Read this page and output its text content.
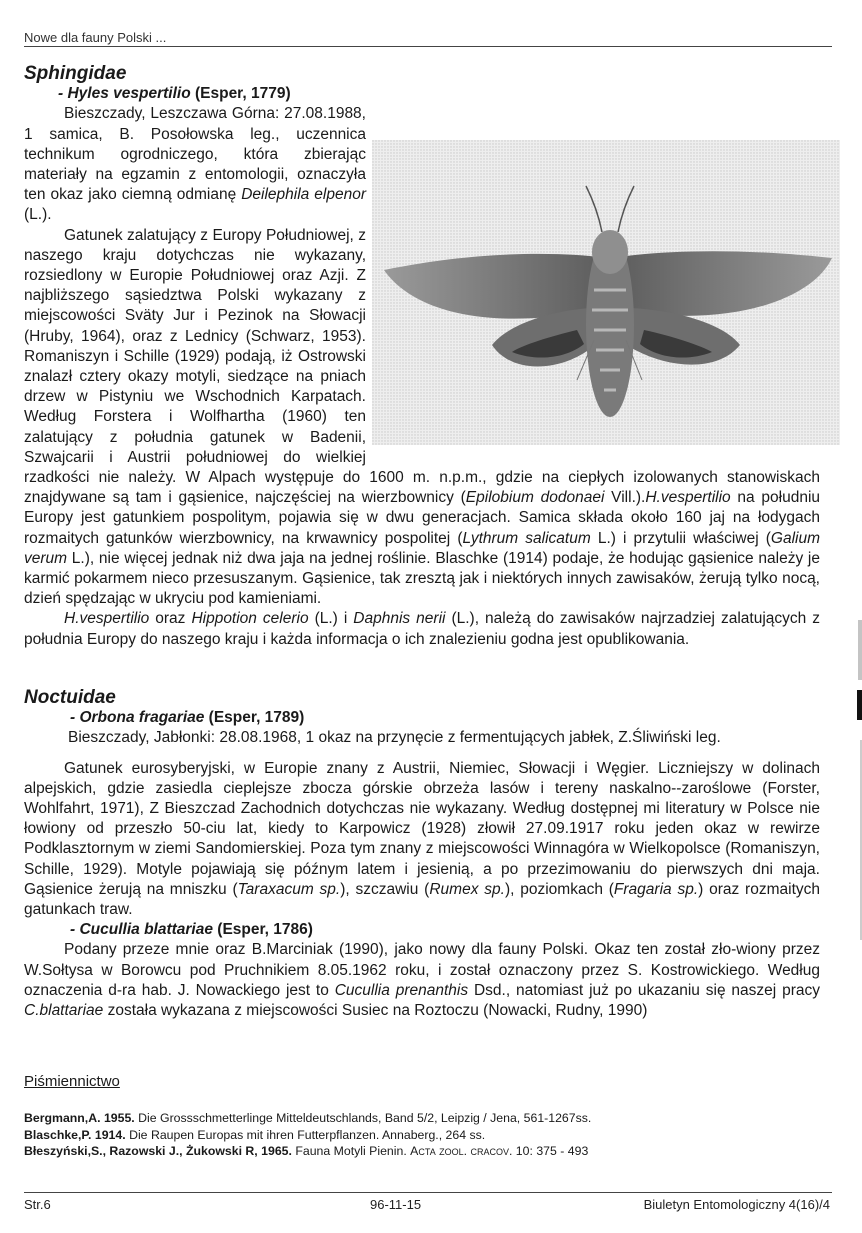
Nowe dla fauny Polski ...

Sphingidae

- Hyles vespertilio (Esper, 1779)

Bieszczady, Leszczawa Górna: 27.08.1988, 1 samica, B. Posołowska leg., uczennica technikum ogrodniczego, która zbierając materiały na egzamin z entomologii, oznaczyła ten okaz jako ciemną odmianę Deilephila elpenor (L.).

Gatunek zalatujący z Europy Południowej, z naszego kraju dotychczas nie wykazany, rozsiedlony w Europie Południowej oraz Azji. Z najbliższego sąsiedztwa Polski wykazany z miejscowości Sväty Jur i Pezinok na Słowacji (Hruby, 1964), oraz z Lednicy (Schwarz, 1953). Romaniszyn i Schille (1929) podają, iż Ostrowski znalazł cztery okazy motyli, siedzące na pniach drzew w Pistyniu we Wschodnich Karpatach. Według Forstera i Wolfhartha (1960) ten zalatujący z południa gatunek w Badenii, Szwajcarii i Austrii południowej do wielkiej rzadkości nie należy. W Alpach występuje do 1600 m. n.p.m., gdzie na ciepłych izolowanych stanowiskach znajdywane są tam i gąsienice, najczęściej na wierzbownicy (Epilobium dodonaei Vill.).H.vespertilio na południu Europy jest gatunkiem pospolitym, pojawia się w dwu generacjach. Samica składa około 160 jaj na łodygach rozmaitych gatunków wierzbownicy, na krwawnicy pospolitej (Lythrum salicatum L.) i przytulii właściwej (Galium verum L.), nie więcej jednak niż dwa jaja na jednej roślinie. Blaschke (1914) podaje, że hodując gąsienice należy je karmić pokarmem nieco przesuszanym. Gąsienice, tak zresztą jak i niektórych innych zawisaków, żerują tylko nocą, dzień spędzając w ukryciu pod kamieniami.

H.vespertilio oraz Hippotion celerio (L.) i Daphnis nerii (L.), należą do zawisaków najrzadziej zalatujących z południa Europy do naszego kraju i każda informacja o ich znalezieniu godna jest opublikowania.

Noctuidae

- Orbona fragariae (Esper, 1789)

Bieszczady, Jabłonki: 28.08.1968, 1 okaz na przynęcie z fermentujących jabłek, Z.Śliwiński leg.

Gatunek eurosyberyjski, w Europie znany z Austrii, Niemiec, Słowacji i Węgier. Liczniejszy w dolinach alpejskich, gdzie zasiedla cieplejsze zbocza górskie obrzeża lasów i tereny naskalno--zaroślowe (Forster, Wohlfahrt, 1971), Z Bieszczad Zachodnich dotychczas nie wykazany. Według dostępnej mi literatury w Polsce nie łowiony od przeszło 50-ciu lat, kiedy to Karpowicz (1928) złowił 27.09.1917 roku jeden okaz w rewirze Podklasztornym w ziemi Sandomierskiej. Poza tym znany z miejscowości Winnagóra w Wielkopolsce (Romaniszyn, Schille, 1929). Motyle pojawiają się późnym latem i jesienią, a po przezimowaniu do pierwszych dni maja. Gąsienice żerują na mniszku (Taraxacum sp.), szczawiu (Rumex sp.), poziomkach (Fragaria sp.) oraz rozmaitych gatunkach traw.

- Cucullia blattariae (Esper, 1786)

Podany przeze mnie oraz B.Marciniak (1990), jako nowy dla fauny Polski. Okaz ten został zło-wiony przez W.Sołtysa w Borowcu pod Pruchnikiem 8.05.1962 roku, i został oznaczony przez S. Kostrowickiego. Według oznaczenia d-ra hab. J. Nowackiego jest to Cucullia prenanthis Dsd., natomiast już po ukazaniu się naszej pracy C.blattariae została wykazana z miejscowości Susiec na Roztoczu (Nowacki, Rudny, 1990)

Piśmiennictwo

Bergmann,A. 1955. Die Grossschmetterlinge Mitteldeutschlands, Band 5/2, Leipzig / Jena, 561-1267ss.

Blaschke,P. 1914. Die Raupen Europas mit ihren Futterpflanzen. Annaberg., 264 ss.

Błeszyński,S., Razowski J., Żukowski R, 1965. Fauna Motyli Pienin. Acta zool. cracov. 10: 375 - 493

Str.6	96-11-15	Biuletyn Entomologiczny 4(16)/4
